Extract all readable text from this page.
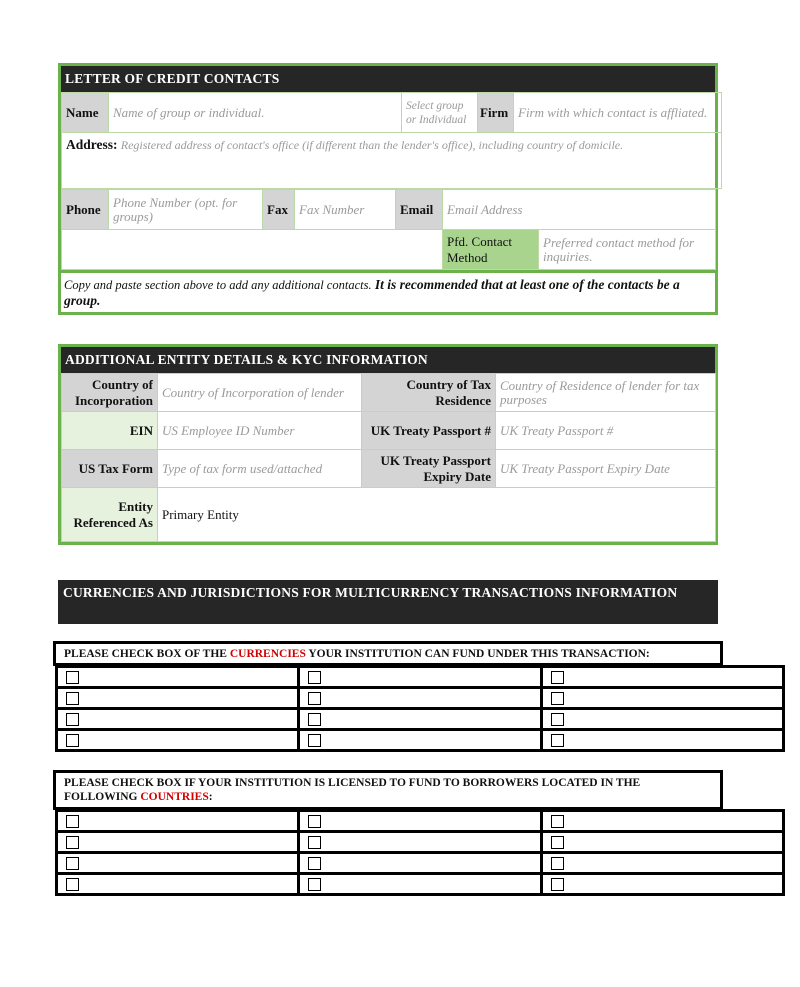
LETTER OF CREDIT CONTACTS
Name	Name of group or individual.	Select group or Individual	Firm	Firm with which contact is affliated.
Address: Registered address of contact's office (if different than the lender's office), including country of domicile.
Phone	Phone Number (opt. for groups)	Fax	Fax Number	Email	Email Address	
					Pfd. Contact Method	Preferred contact method for inquiries.
Copy and paste section above to add any additional contacts. It is recommended that at least one of the contacts be a group.
ADDITIONAL ENTITY DETAILS & KYC INFORMATION
Country of Incorporation	Country of Incorporation of lender	Country of Tax Residence	Country of Residence of lender for tax purposes
EIN	US Employee ID Number	UK Treaty Passport #	UK Treaty Passport #
US Tax Form	Type of tax form used/attached	UK Treaty Passport Expiry Date	UK Treaty Passport Expiry Date
Entity Referenced As	Primary Entity		
CURRENCIES AND JURISDICTIONS FOR MULTICURRENCY TRANSACTIONS INFORMATION
PLEASE CHECK BOX OF THE CURRENCIES YOUR INSTITUTION CAN FUND UNDER THIS TRANSACTION:

PLEASE CHECK BOX IF YOUR INSTITUTION IS LICENSED TO FUND TO BORROWERS LOCATED IN THE FOLLOWING COUNTRIES:
